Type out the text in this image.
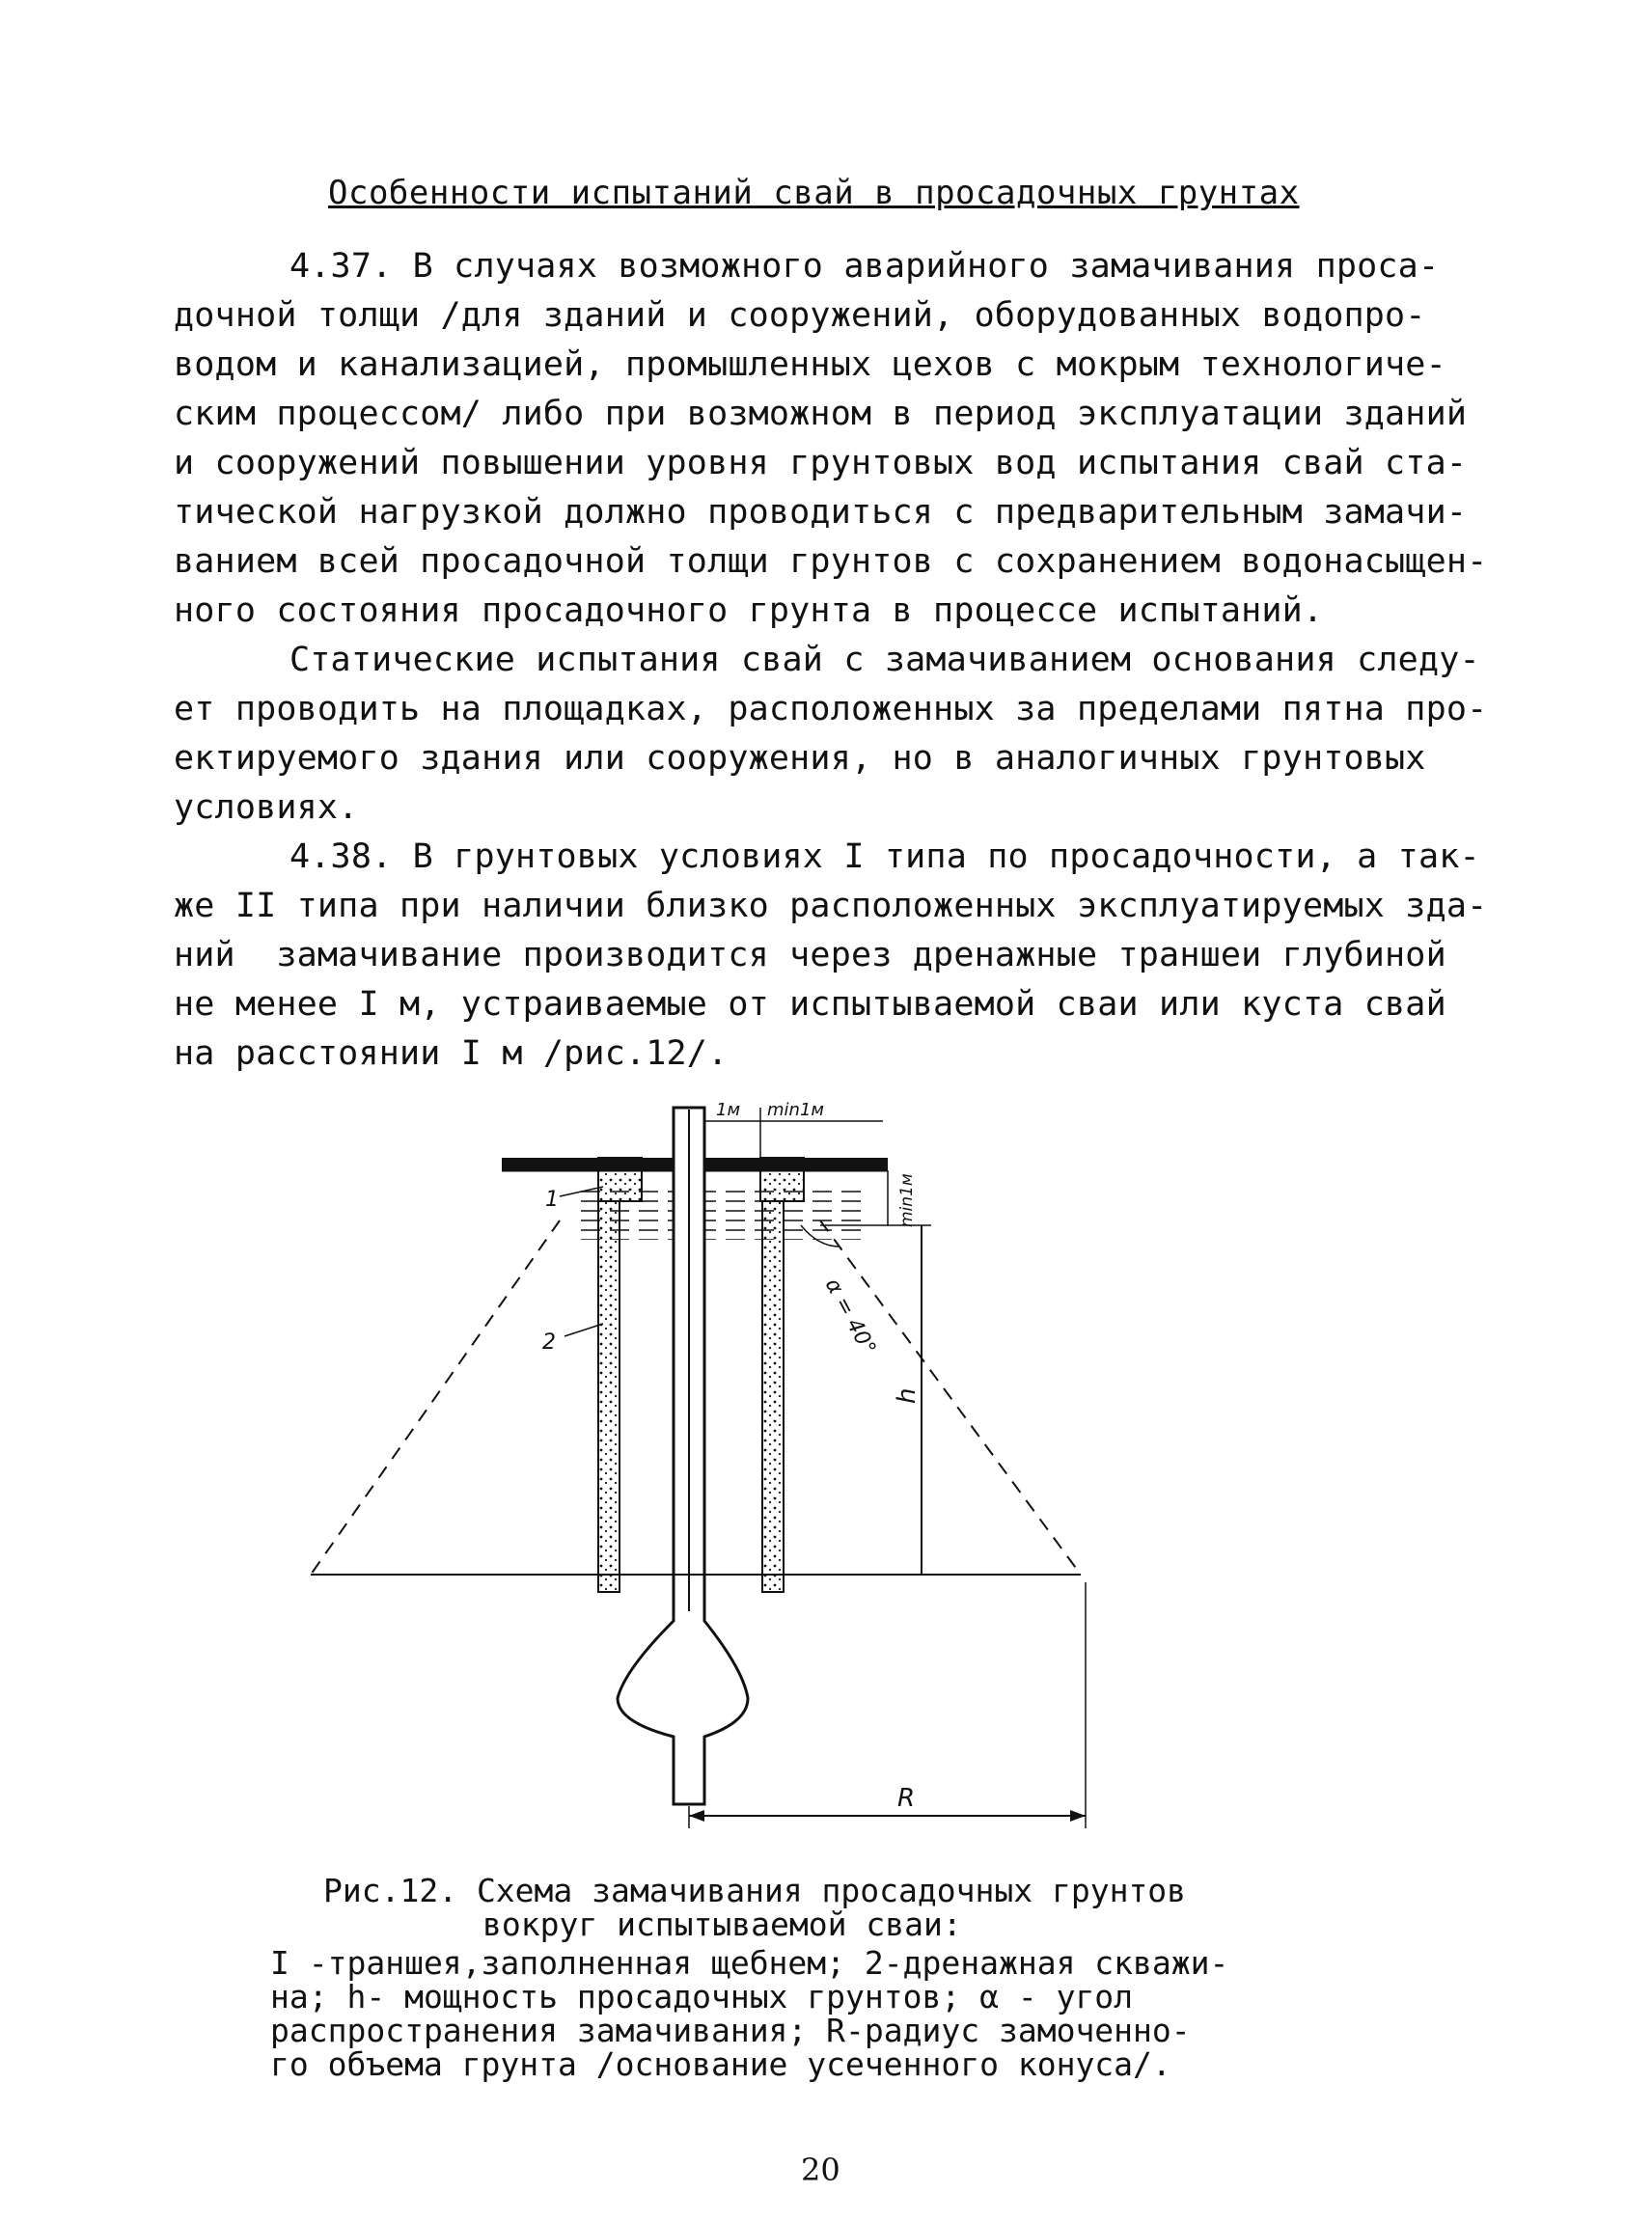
Особенности испытаний свай в просадочных грунтах
4.37. В случаях возможного аварийного замачивания проса-
дочной толщи /для зданий и сооружений, оборудованных водопро-
водом и канализацией, промышленных цехов с мокрым технологиче-
ским процессом/ либо при возможном в период эксплуатации зданий
и сооружений повышении уровня грунтовых вод испытания свай ста-
тической нагрузкой должно проводиться с предварительным замачи-
ванием всей просадочной толщи грунтов с сохранением водонасыщен-
ного состояния просадочного грунта в процессе испытаний.
Статические испытания свай с замачиванием основания следу-
ет проводить на площадках, расположенных за пределами пятна про-
ектируемого здания или сооружения, но в аналогичных грунтовых
условиях.
4.38. В грунтовых условиях I типа по просадочности, а так-
же II типа при наличии близко расположенных эксплуатируемых зда-
ний  замачивание производится через дренажные траншеи глубиной
не менее I м, устраиваемые от испытываемой сваи или куста свай
на расстоянии I м /рис.12/.
1
2
1м min1м
min1м
α = 40°
h
R
Рис.12. Схема замачивания просадочных грунтов
вокруг испытываемой сваи:
I -траншея,заполненная щебнем; 2-дренажная скважи-
на; h- мощность просадочных грунтов; α - угол
распространения замачивания; R-радиус замоченно-
го объема грунта /основание усеченного конуса/.
20
